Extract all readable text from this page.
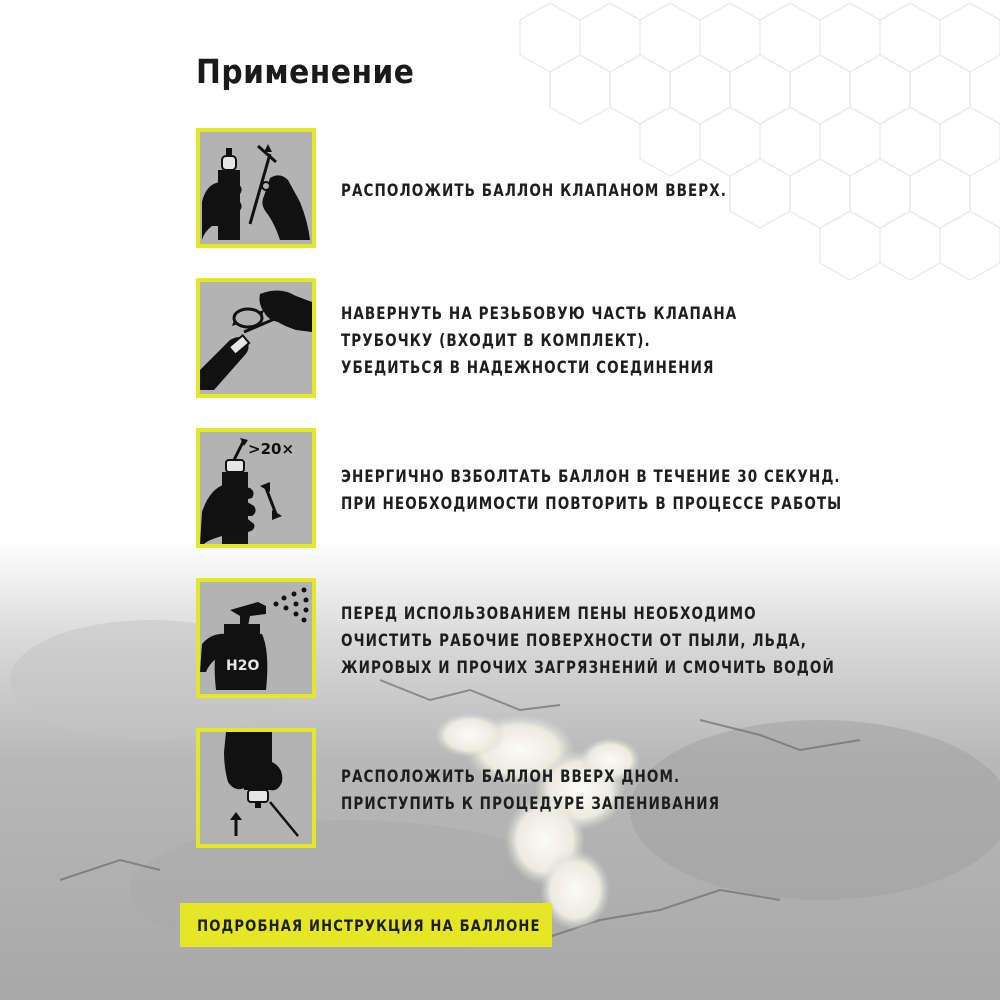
Применение
РАСПОЛОЖИТЬ БАЛЛОН КЛАПАНОМ ВВЕРХ.
НАВЕРНУТЬ НА РЕЗЬБОВУЮ ЧАСТЬ КЛАПАНА
ТРУБОЧКУ (ВХОДИТ В КОМПЛЕКТ).
УБЕДИТЬСЯ В НАДЕЖНОСТИ СОЕДИНЕНИЯ
>20×
ЭНЕРГИЧНО ВЗБОЛТАТЬ БАЛЛОН В ТЕЧЕНИЕ 30 СЕКУНД.
ПРИ НЕОБХОДИМОСТИ ПОВТОРИТЬ В ПРОЦЕССЕ РАБОТЫ
H2O
ПЕРЕД ИСПОЛЬЗОВАНИЕМ ПЕНЫ НЕОБХОДИМО
ОЧИСТИТЬ РАБОЧИЕ ПОВЕРХНОСТИ ОТ ПЫЛИ, ЛЬДА,
ЖИРОВЫХ И ПРОЧИХ ЗАГРЯЗНЕНИЙ И СМОЧИТЬ ВОДОЙ
РАСПОЛОЖИТЬ БАЛЛОН ВВЕРХ ДНОМ.
ПРИСТУПИТЬ К ПРОЦЕДУРЕ ЗАПЕНИВАНИЯ
ПОДРОБНАЯ ИНСТРУКЦИЯ НА БАЛЛОНЕ
